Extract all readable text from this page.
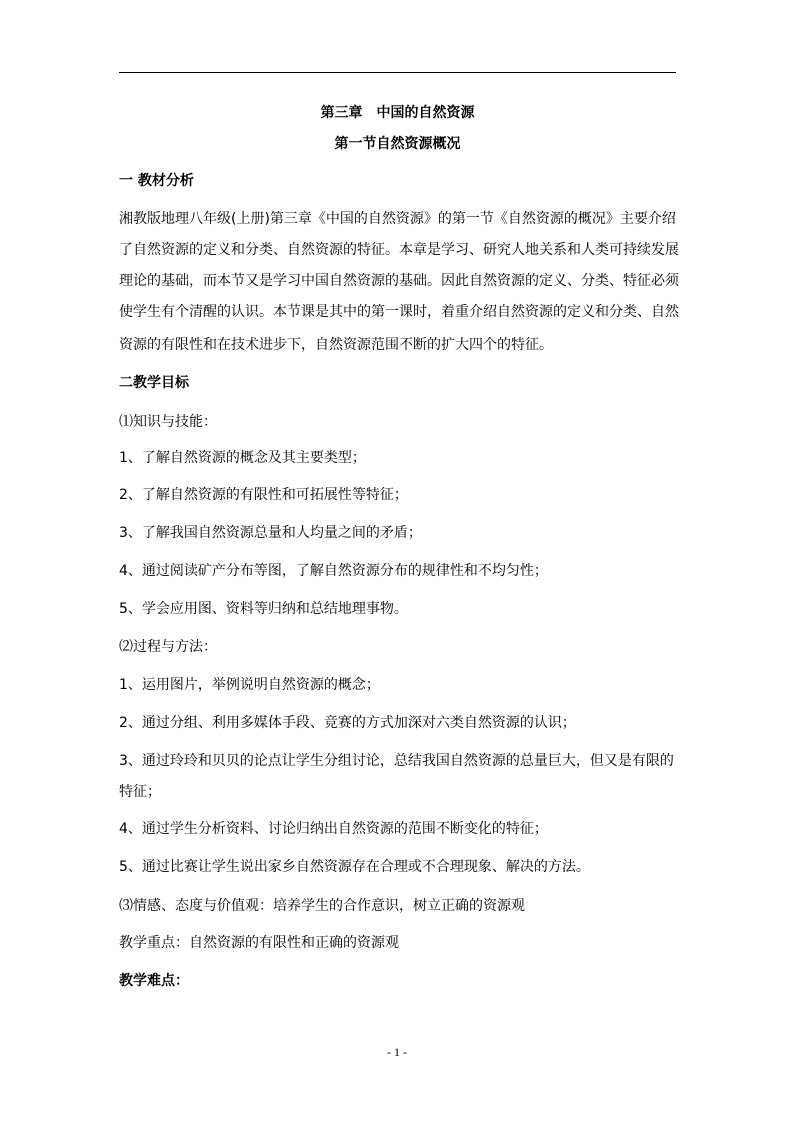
第三章　中国的自然资源
第一节自然资源概况
一 教材分析
湘教版地理八年级(上册)第三章《中国的自然资源》的第一节《自然资源的概况》主要介绍
了自然资源的定义和分类、自然资源的特征。本章是学习、研究人地关系和人类可持续发展
理论的基础，而本节又是学习中国自然资源的基础。因此自然资源的定义、分类、特征必须
使学生有个清醒的认识。本节课是其中的第一课时，着重介绍自然资源的定义和分类、自然
资源的有限性和在技术进步下，自然资源范围不断的扩大四个的特征。
二教学目标
⑴知识与技能：
1、了解自然资源的概念及其主要类型；
2、了解自然资源的有限性和可拓展性等特征；
3、了解我国自然资源总量和人均量之间的矛盾；
4、通过阅读矿产分布等图，了解自然资源分布的规律性和不均匀性；
5、学会应用图、资料等归纳和总结地理事物。
⑵过程与方法：
1、运用图片，举例说明自然资源的概念；
2、通过分组、利用多媒体手段、竞赛的方式加深对六类自然资源的认识；
3、通过玲玲和贝贝的论点让学生分组讨论，总结我国自然资源的总量巨大，但又是有限的
特征；
4、通过学生分析资料、讨论归纳出自然资源的范围不断变化的特征；
5、通过比赛让学生说出家乡自然资源存在合理或不合理现象、解决的方法。
⑶情感、态度与价值观：培养学生的合作意识，树立正确的资源观
教学重点：自然资源的有限性和正确的资源观
教学难点：
- 1 -
